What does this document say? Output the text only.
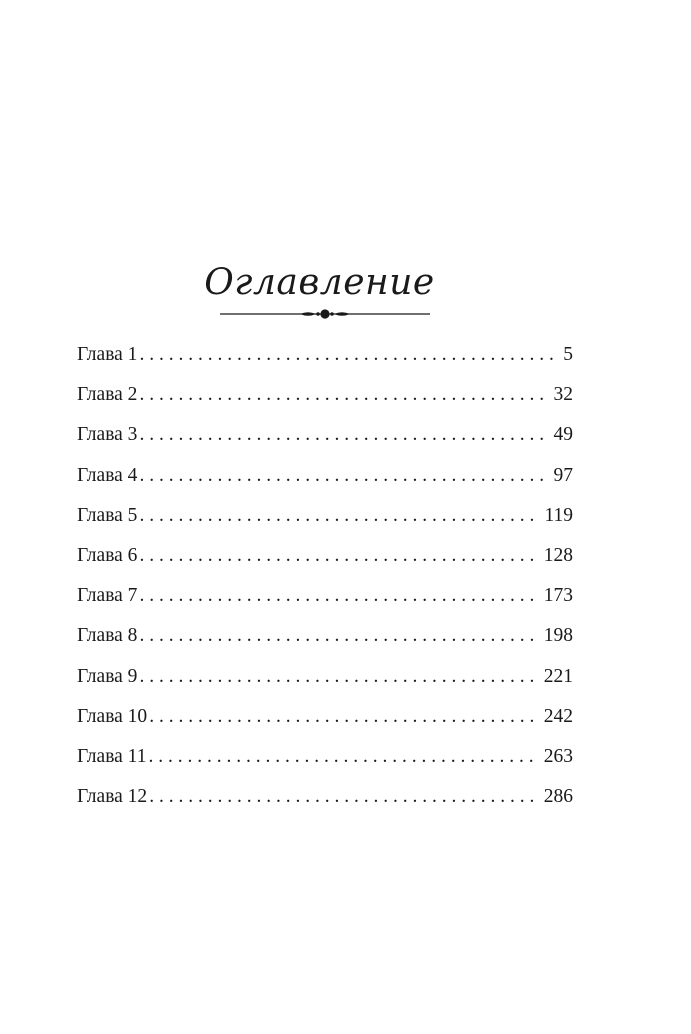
Оглавление
Глава 1 . . .	5
Глава 2 . . .	32
Глава 3 . . .	49
Глава 4 . . .	97
Глава 5 . . .	119
Глава 6 . . .	128
Глава 7 . . .	173
Глава 8 . . .	198
Глава 9 . . .	221
Глава 10 . . .	242
Глава 11 . . .	263
Глава 12 . . .	286
